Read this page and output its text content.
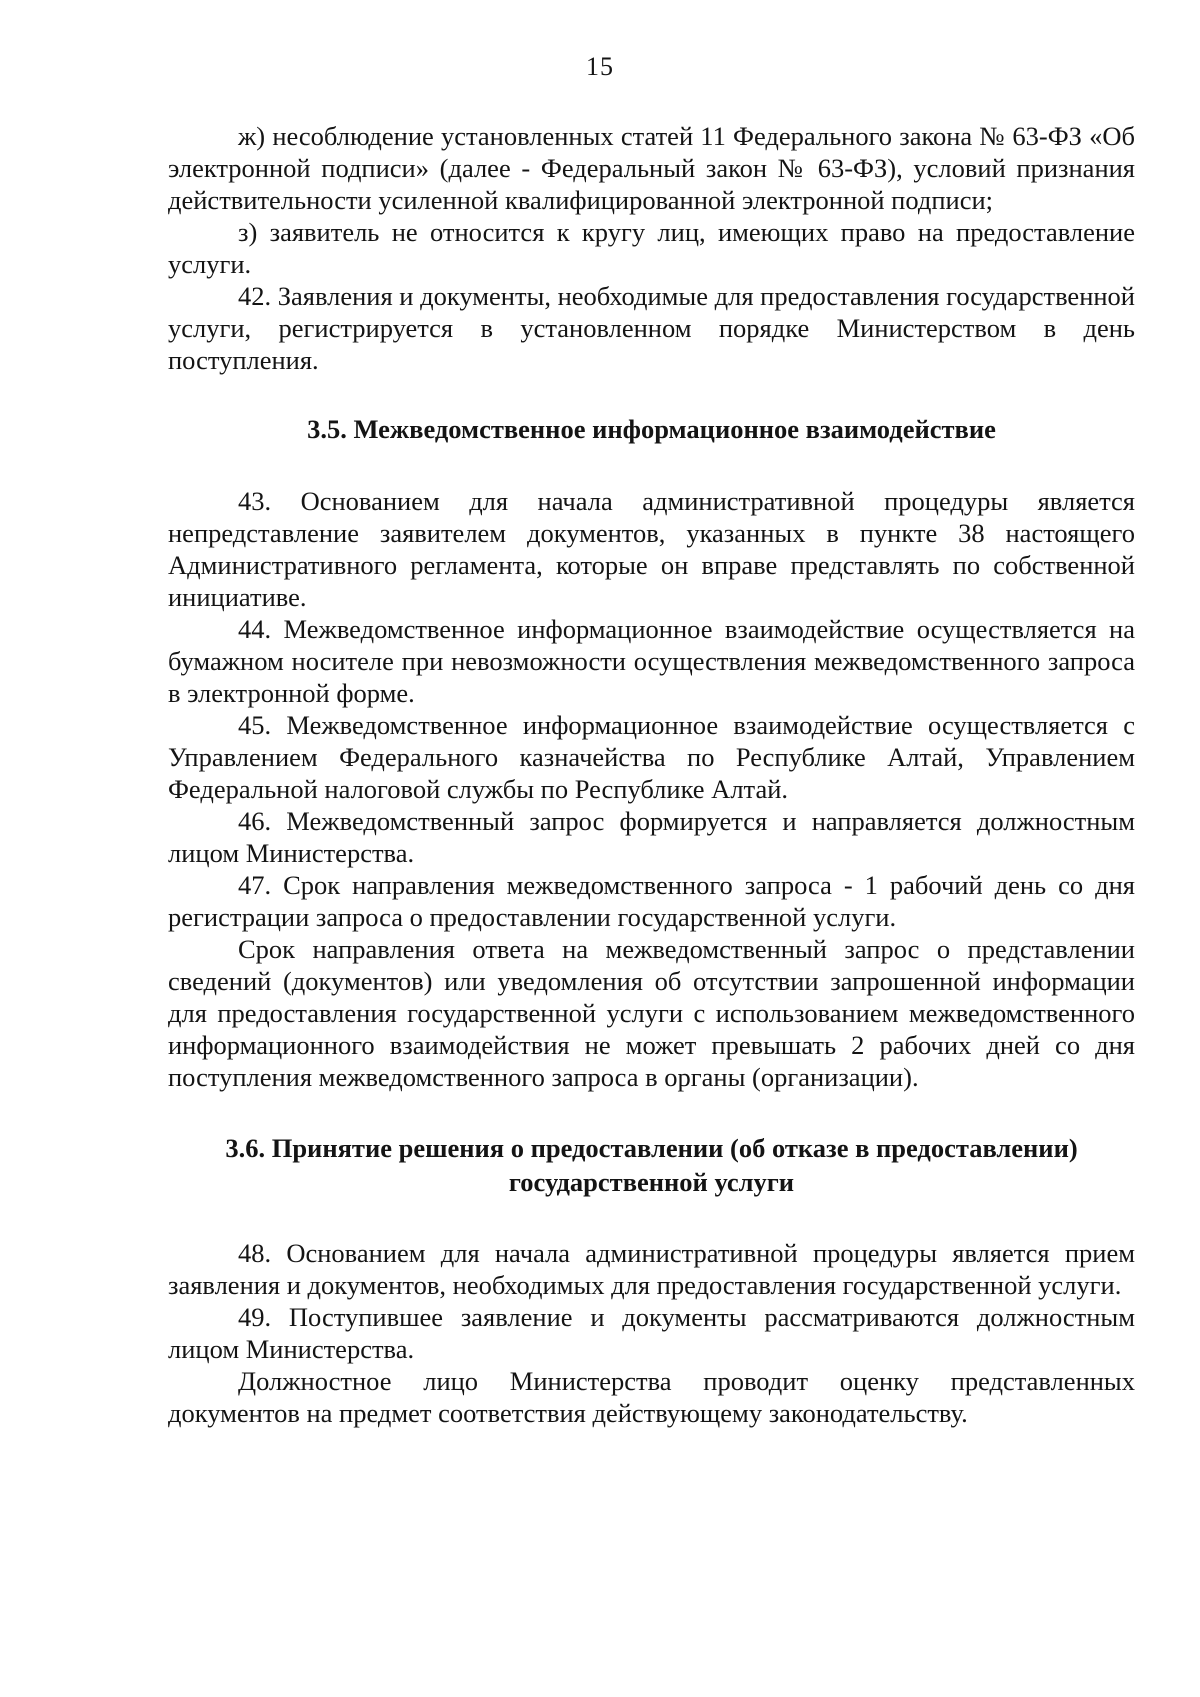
15

ж) несоблюдение установленных статей 11 Федерального закона № 63-ФЗ «Об электронной подписи» (далее - Федеральный закон № 63-ФЗ), условий признания действительности усиленной квалифицированной электронной подписи;

з) заявитель не относится к кругу лиц, имеющих право на предоставление услуги.

42. Заявления и документы, необходимые для предоставления государственной услуги, регистрируется в установленном порядке Министерством в день поступления.

3.5. Межведомственное информационное взаимодействие

43. Основанием для начала административной процедуры является непредставление заявителем документов, указанных в пункте 38 настоящего Административного регламента, которые он вправе представлять по собственной инициативе.

44. Межведомственное информационное взаимодействие осуществляется на бумажном носителе при невозможности осуществления межведомственного запроса в электронной форме.

45. Межведомственное информационное взаимодействие осуществляется с Управлением Федерального казначейства по Республике Алтай, Управлением Федеральной налоговой службы по Республике Алтай.

46. Межведомственный запрос формируется и направляется должностным лицом Министерства.

47. Срок направления межведомственного запроса - 1 рабочий день со дня регистрации запроса о предоставлении государственной услуги.

Срок направления ответа на межведомственный запрос о представлении сведений (документов) или уведомления об отсутствии запрошенной информации для предоставления государственной услуги с использованием межведомственного информационного взаимодействия не может превышать 2 рабочих дней со дня поступления межведомственного запроса в органы (организации).

3.6. Принятие решения о предоставлении (об отказе в предоставлении) государственной услуги

48. Основанием для начала административной процедуры является прием заявления и документов, необходимых для предоставления государственной услуги.

49. Поступившее заявление и документы рассматриваются должностным лицом Министерства.

Должностное лицо Министерства проводит оценку представленных документов на предмет соответствия действующему законодательству.
